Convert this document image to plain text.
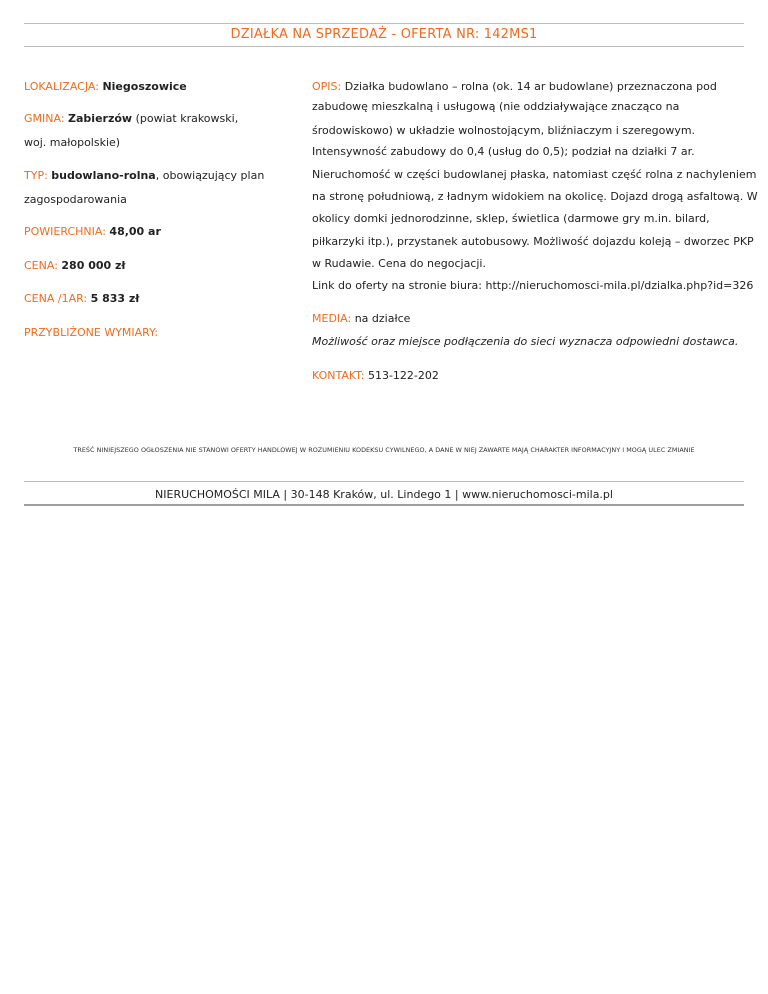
DZIAŁKA NA SPRZEDAŻ - OFERTA NR: 142MS1
LOKALIZACJA: Niegoszowice
GMINA: Zabierzów (powiat krakowski,
woj. małopolskie)
TYP: budowlano-rolna, obowiązujący plan
zagospodarowania
POWIERCHNIA: 48,00 ar
CENA: 280 000 zł
CENA /1AR: 5 833 zł
PRZYBLIŻONE WYMIARY:
OPIS: Działka budowlano – rolna (ok. 14 ar budowlane) przeznaczona pod
zabudowę mieszkalną i usługową (nie oddziaływające znacząco na
środowiskowo) w układzie wolnostojącym, bliźniaczym i szeregowym.
Intensywność zabudowy do 0,4 (usług do 0,5); podział na działki 7 ar.
Nieruchomość w części budowlanej płaska, natomiast część rolna z nachyleniem
na stronę południową, z ładnym widokiem na okolicę. Dojazd drogą asfaltową. W
okolicy domki jednorodzinne, sklep, świetlica (darmowe gry m.in. bilard,
piłkarzyki itp.), przystanek autobusowy. Możliwość dojazdu koleją – dworzec PKP
w Rudawie. Cena do negocjacji.
Link do oferty na stronie biura: http://nieruchomosci-mila.pl/dzialka.php?id=326
MEDIA: na działce
Możliwość oraz miejsce podłączenia do sieci wyznacza odpowiedni dostawca.
KONTAKT: 513-122-202
TREŚĆ NINIEJSZEGO OGŁOSZENIA NIE STANOWI OFERTY HANDLOWEJ W ROZUMIENIU KODEKSU CYWILNEGO, A DANE W NIEJ ZAWARTE MAJĄ CHARAKTER INFORMACYJNY I MOGĄ ULEC ZMIANIE
NIERUCHOMOŚCI MILA | 30-148 Kraków, ul. Lindego 1 | www.nieruchomosci-mila.pl
